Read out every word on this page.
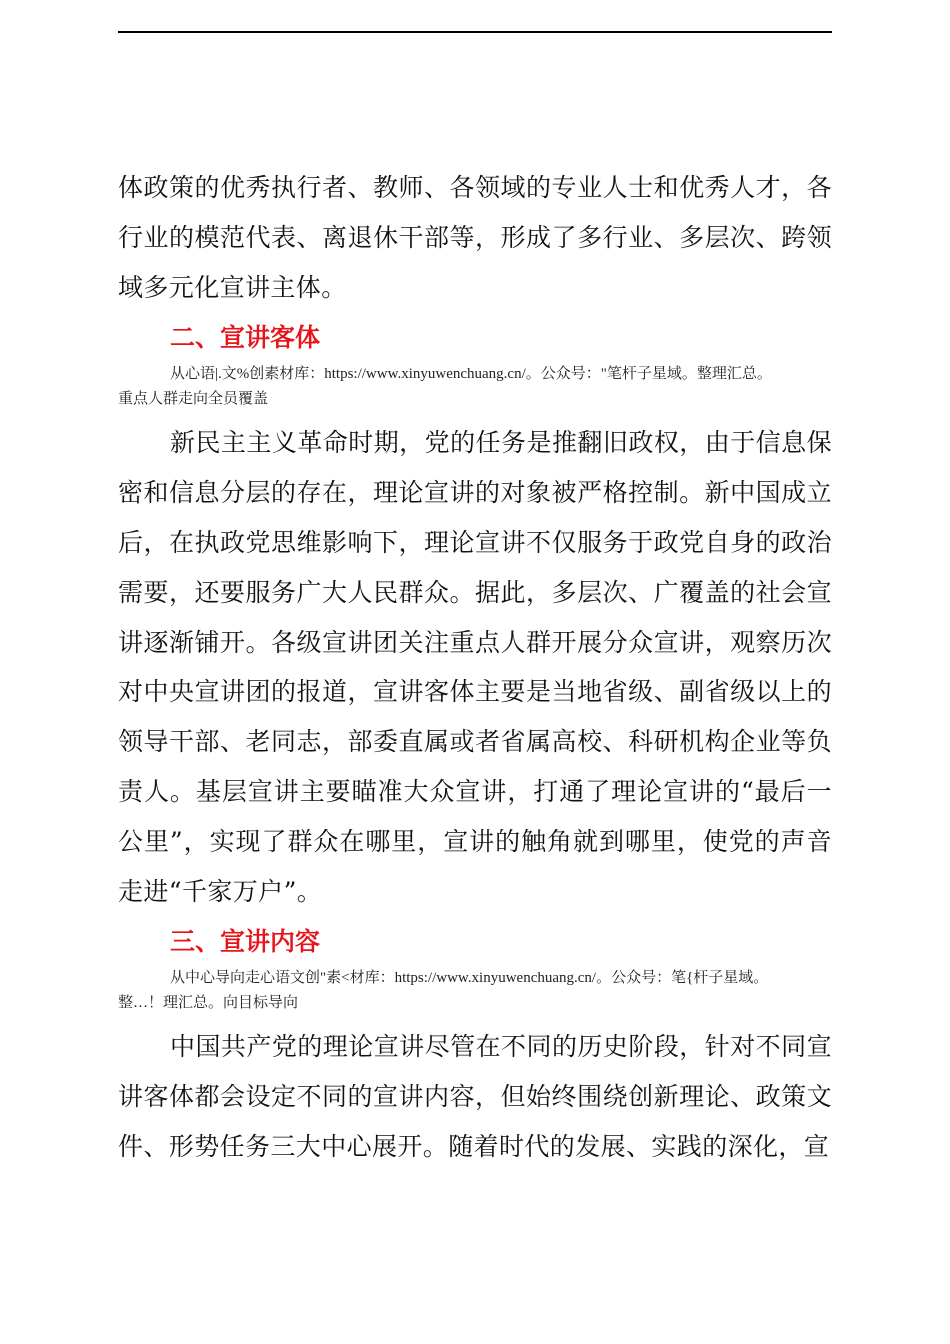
体政策的优秀执行者、教师、各领域的专业人士和优秀人才，各行业的模范代表、离退休干部等，形成了多行业、多层次、跨领域多元化宣讲主体。

二、宣讲客体
从心语|.文%创素材库：https://www.xinyuwenchuang.cn/。公众号："笔杆子星域。整理汇总。
重点人群走向全员覆盖

新民主主义革命时期，党的任务是推翻旧政权，由于信息保密和信息分层的存在，理论宣讲的对象被严格控制。新中国成立后，在执政党思维影响下，理论宣讲不仅服务于政党自身的政治需要，还要服务广大人民群众。据此，多层次、广覆盖的社会宣讲逐渐铺开。各级宣讲团关注重点人群开展分众宣讲，观察历次对中央宣讲团的报道，宣讲客体主要是当地省级、副省级以上的领导干部、老同志，部委直属或者省属高校、科研机构企业等负责人。基层宣讲主要瞄准大众宣讲，打通了理论宣讲的“最后一公里”，实现了群众在哪里，宣讲的触角就到哪里，使党的声音走进“千家万户”。

三、宣讲内容
从中心导向走心语文创"素<材库：https://www.xinyuwenchuang.cn/。公众号：笔{杆子星域。
整…！理汇总。向目标导向

中国共产党的理论宣讲尽管在不同的历史阶段，针对不同宣讲客体都会设定不同的宣讲内容，但始终围绕创新理论、政策文件、形势任务三大中心展开。随着时代的发展、实践的深化，宣
